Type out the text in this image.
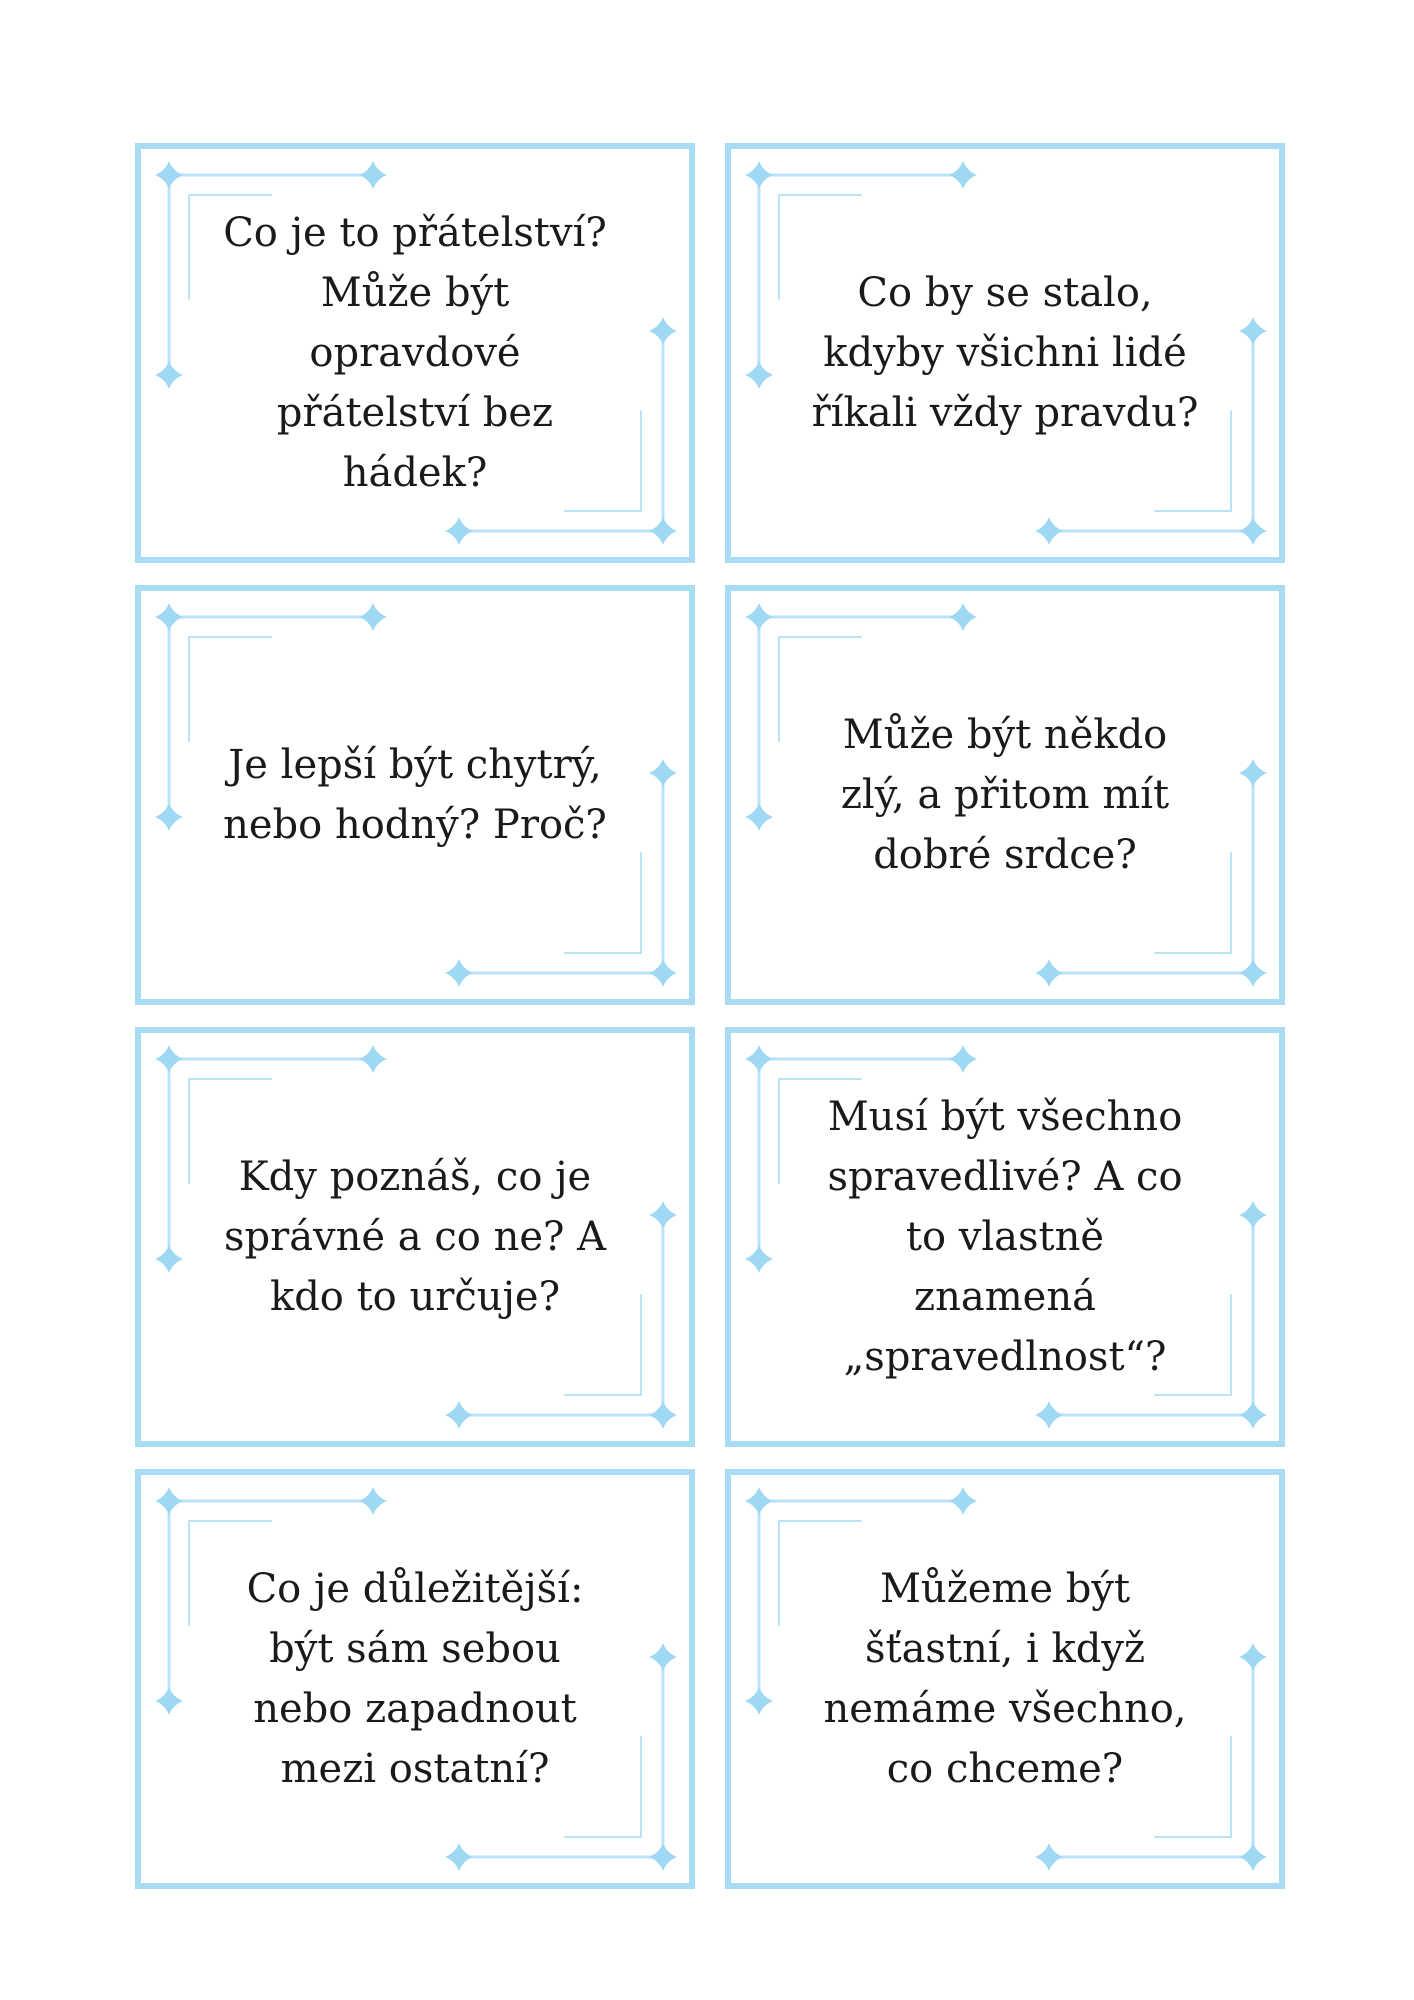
Co je to přátelství? Může být opravdové přátelství bez hádek?
Co by se stalo, kdyby všichni lidé říkali vždy pravdu?
Je lepší být chytrý, nebo hodný? Proč?
Může být někdo zlý, a přitom mít dobré srdce?
Kdy poznáš, co je správné a co ne? A kdo to určuje?
Musí být všechno spravedlivé? A co to vlastně znamená „spravedlnost“?
Co je důležitější: být sám sebou nebo zapadnout mezi ostatní?
Můžeme být šťastní, i když nemáme všechno, co chceme?
